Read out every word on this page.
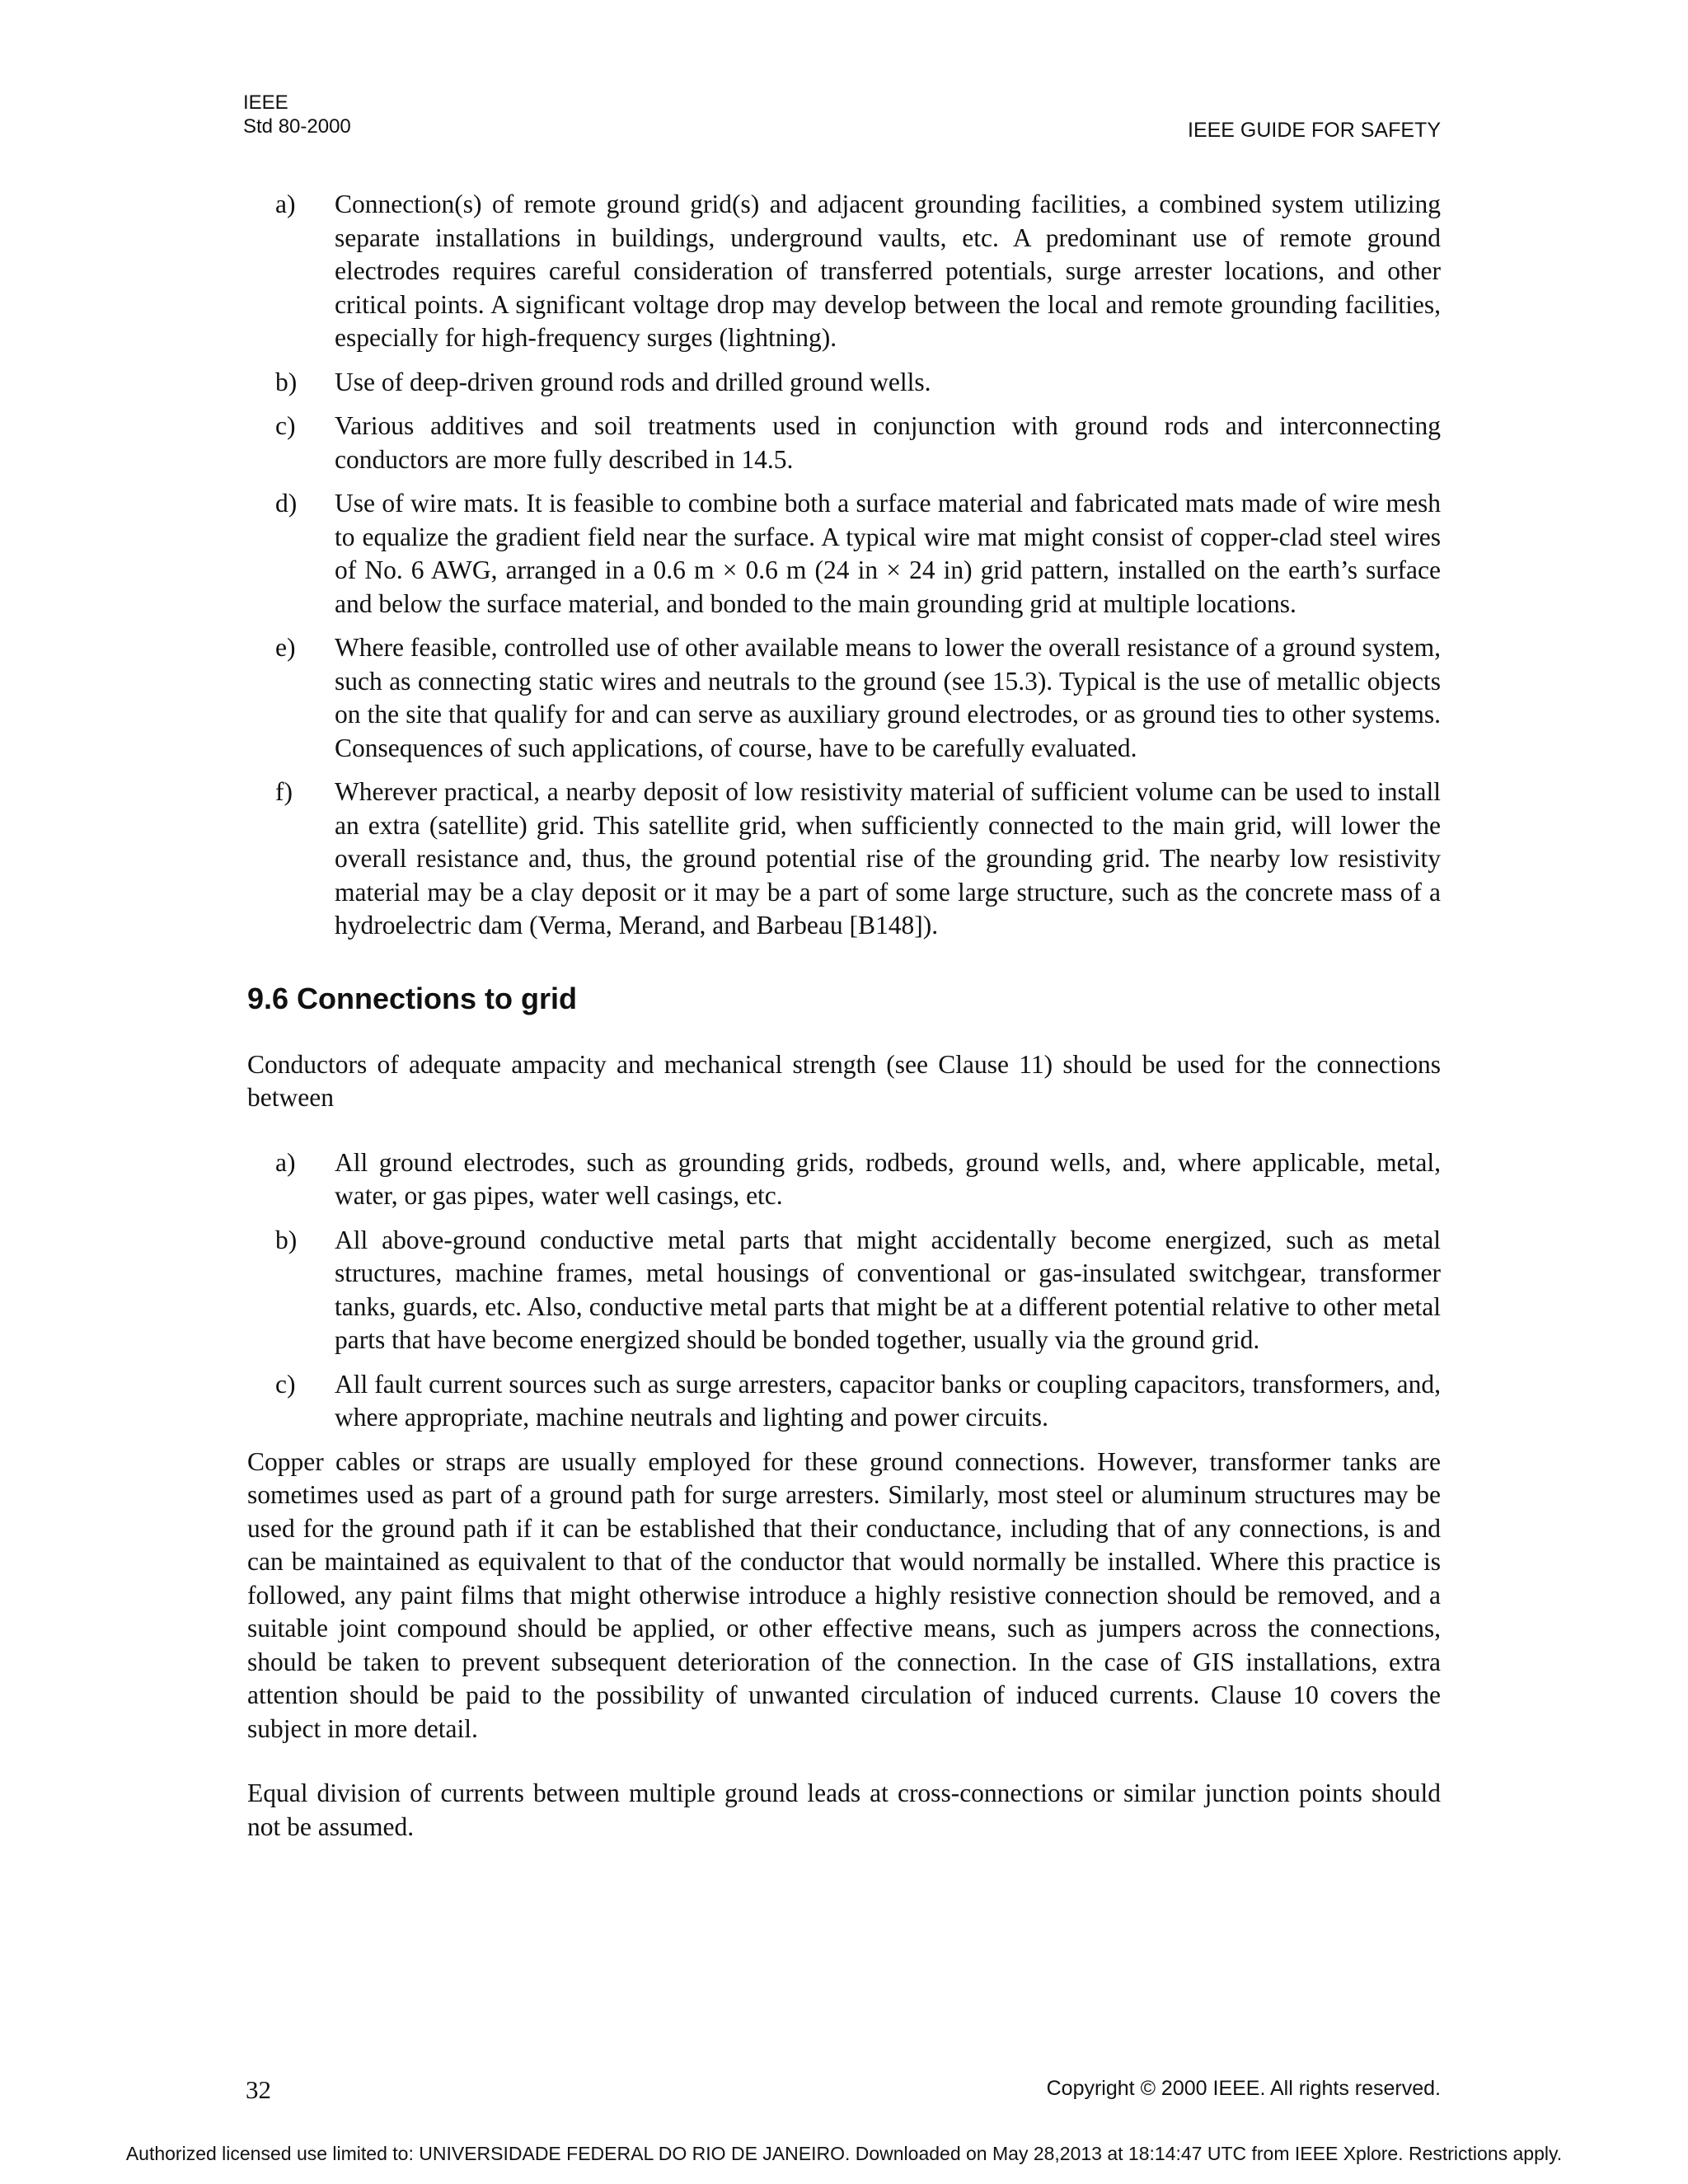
IEEE
Std 80-2000	IEEE GUIDE FOR SAFETY
a)	Connection(s) of remote ground grid(s) and adjacent grounding facilities, a combined system utilizing separate installations in buildings, underground vaults, etc. A predominant use of remote ground electrodes requires careful consideration of transferred potentials, surge arrester locations, and other critical points. A significant voltage drop may develop between the local and remote grounding facilities, especially for high-frequency surges (lightning).
b)	Use of deep-driven ground rods and drilled ground wells.
c)	Various additives and soil treatments used in conjunction with ground rods and interconnecting conductors are more fully described in 14.5.
d)	Use of wire mats. It is feasible to combine both a surface material and fabricated mats made of wire mesh to equalize the gradient field near the surface. A typical wire mat might consist of copper-clad steel wires of No. 6 AWG, arranged in a 0.6 m × 0.6 m (24 in × 24 in) grid pattern, installed on the earth’s surface and below the surface material, and bonded to the main grounding grid at multiple locations.
e)	Where feasible, controlled use of other available means to lower the overall resistance of a ground system, such as connecting static wires and neutrals to the ground (see 15.3). Typical is the use of metallic objects on the site that qualify for and can serve as auxiliary ground electrodes, or as ground ties to other systems. Consequences of such applications, of course, have to be carefully evaluated.
f)	Wherever practical, a nearby deposit of low resistivity material of sufficient volume can be used to install an extra (satellite) grid. This satellite grid, when sufficiently connected to the main grid, will lower the overall resistance and, thus, the ground potential rise of the grounding grid. The nearby low resistivity material may be a clay deposit or it may be a part of some large structure, such as the concrete mass of a hydroelectric dam (Verma, Merand, and Barbeau [B148]).
9.6 Connections to grid

Conductors of adequate ampacity and mechanical strength (see Clause 11) should be used for the connections between

a)	All ground electrodes, such as grounding grids, rodbeds, ground wells, and, where applicable, metal, water, or gas pipes, water well casings, etc.
b)	All above-ground conductive metal parts that might accidentally become energized, such as metal structures, machine frames, metal housings of conventional or gas-insulated switchgear, transformer tanks, guards, etc. Also, conductive metal parts that might be at a different potential relative to other metal parts that have become energized should be bonded together, usually via the ground grid.
c)	All fault current sources such as surge arresters, capacitor banks or coupling capacitors, transformers, and, where appropriate, machine neutrals and lighting and power circuits.

Copper cables or straps are usually employed for these ground connections. However, transformer tanks are sometimes used as part of a ground path for surge arresters. Similarly, most steel or aluminum structures may be used for the ground path if it can be established that their conductance, including that of any connections, is and can be maintained as equivalent to that of the conductor that would normally be installed. Where this practice is followed, any paint films that might otherwise introduce a highly resistive connection should be removed, and a suitable joint compound should be applied, or other effective means, such as jumpers across the connections, should be taken to prevent subsequent deterioration of the connection. In the case of GIS installations, extra attention should be paid to the possibility of unwanted circulation of induced currents. Clause 10 covers the subject in more detail.

Equal division of currents between multiple ground leads at cross-connections or similar junction points should not be assumed.

32	Copyright © 2000 IEEE. All rights reserved.
Authorized licensed use limited to: UNIVERSIDADE FEDERAL DO RIO DE JANEIRO. Downloaded on May 28,2013 at 18:14:47 UTC from IEEE Xplore. Restrictions apply.
